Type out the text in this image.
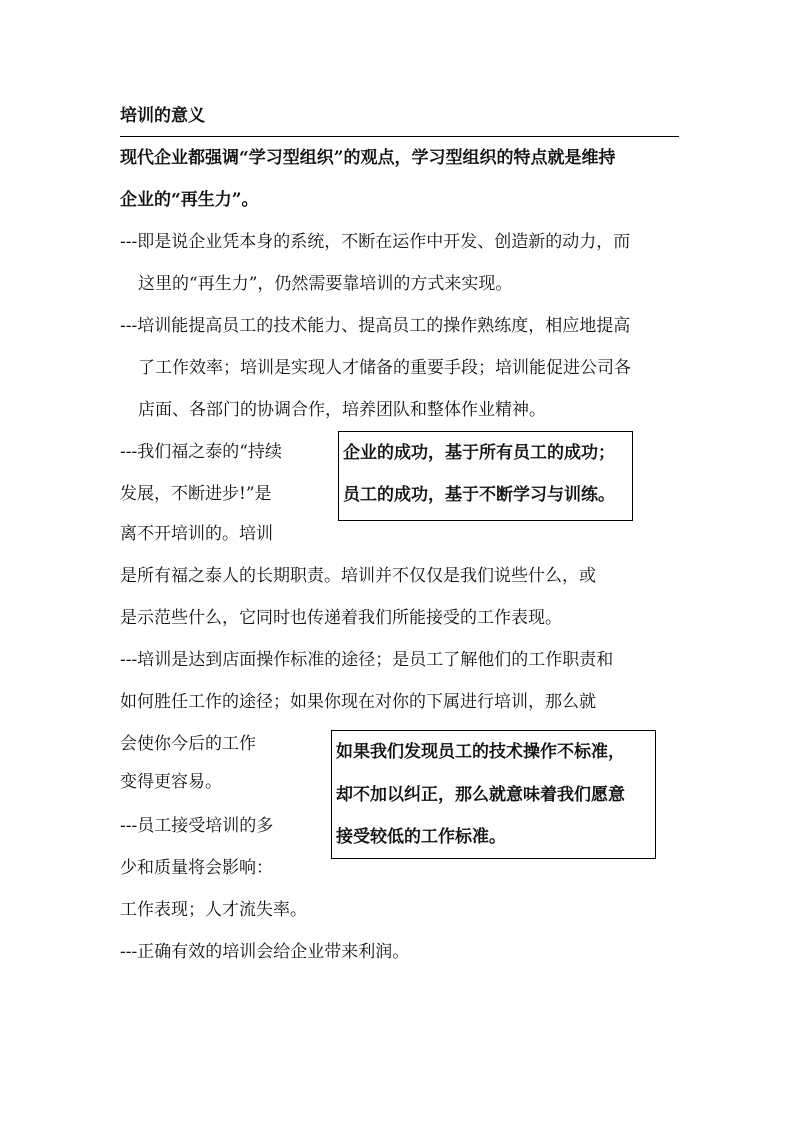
培训的意义
现代企业都强调“学习型组织”的观点，学习型组织的特点就是维持
企业的“再生力”。
---即是说企业凭本身的系统，不断在运作中开发、创造新的动力，而
这里的“再生力”，仍然需要靠培训的方式来实现。
---培训能提高员工的技术能力、提高员工的操作熟练度，相应地提高
了工作效率；培训是实现人才储备的重要手段；培训能促进公司各
店面、各部门的协调合作，培养团队和整体作业精神。
---我们福之泰的“持续
发展，不断进步!”是
离不开培训的。培训
企业的成功，基于所有员工的成功；
员工的成功，基于不断学习与训练。
是所有福之泰人的长期职责。培训并不仅仅是我们说些什么，或
是示范些什么，它同时也传递着我们所能接受的工作表现。
---培训是达到店面操作标准的途径；是员工了解他们的工作职责和
如何胜任工作的途径；如果你现在对你的下属进行培训，那么就
会使你今后的工作
变得更容易。
---员工接受培训的多
少和质量将会影响：
如果我们发现员工的技术操作不标准，
却不加以纠正，那么就意味着我们愿意
接受较低的工作标准。
工作表现；人才流失率。
---正确有效的培训会给企业带来利润。
